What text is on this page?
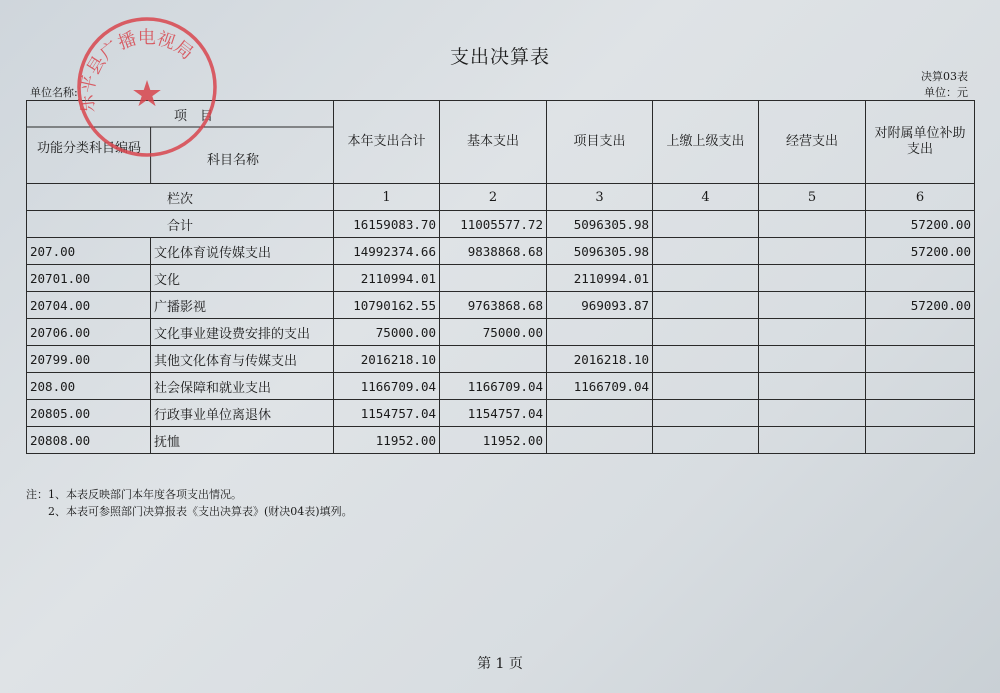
支出决算表
决算03表
单位名称:	单位：元
项　目
功能分类科目编码
科目名称		本年支出合计	基本支出	项目支出	上缴上级支出	经营支出	对附属单位补助支出
栏次		1	2	3	4	5	6
合计		16159083.70	11005577.72	5096305.98			57200.00
207.00	文化体育说传媒支出	14992374.66	9838868.68	5096305.98			57200.00
20701.00	文化	2110994.01		2110994.01			
20704.00	广播影视	10790162.55	9763868.68	969093.87			57200.00
20706.00	文化事业建设费安排的支出	75000.00	75000.00				
20799.00	其他文化体育与传媒支出	2016218.10		2016218.10			
208.00	社会保障和就业支出	1166709.04	1166709.04	1166709.04			
20805.00	行政事业单位离退休	1154757.04	1154757.04				
20808.00	抚恤	11952.00	11952.00				
乐平县广播电视局
★
注：1、本表反映部门本年度各项支出情况。
2、本表可参照部门决算报表《支出决算表》(财决04表)填列。
第 1 页
